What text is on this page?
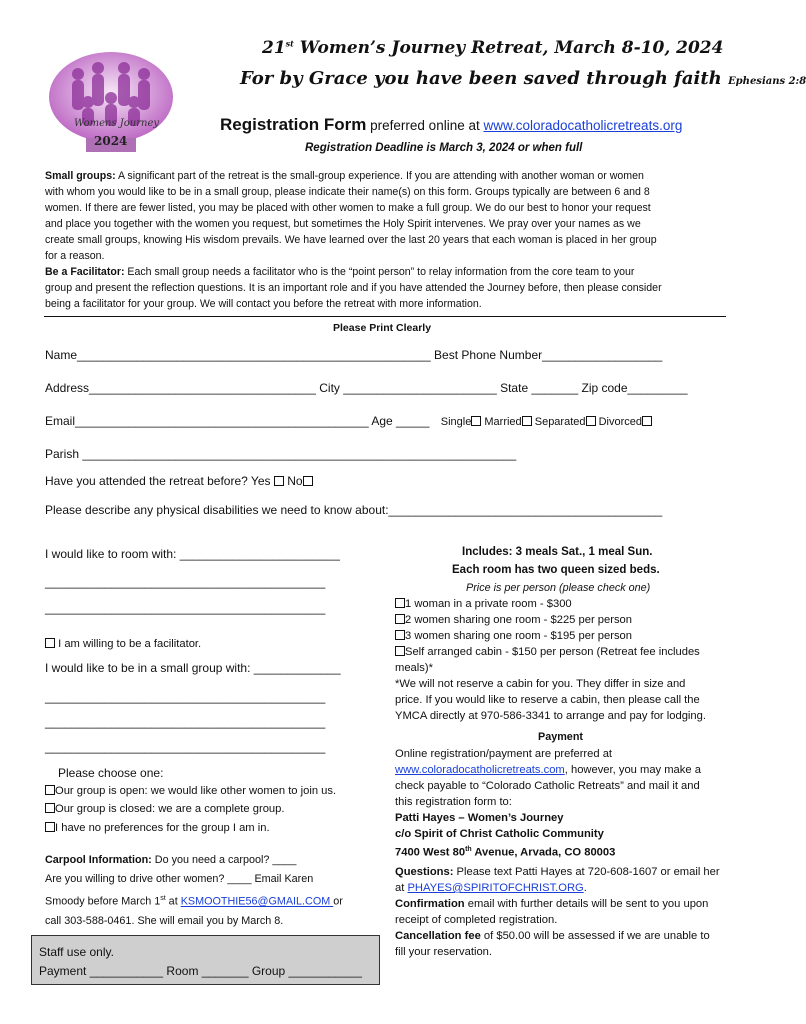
Womens Journey
2024
21st Women’s Journey Retreat, March 8-10, 2024
For by Grace you have been saved through faith Ephesians 2:8
Registration Form preferred online at www.coloradocatholicretreats.org
Registration Deadline is March 3, 2024 or when full
Small groups: A significant part of the retreat is the small-group experience. If you are attending with another woman or women
with whom you would like to be in a small group, please indicate their name(s) on this form. Groups typically are between 6 and 8
women. If there are fewer listed, you may be placed with other women to make a full group. We do our best to honor your request
and place you together with the women you request, but sometimes the Holy Spirit intervenes. We pray over your names as we
create small groups, knowing His wisdom prevails. We have learned over the last 20 years that each woman is placed in her group
for a reason.
Be a Facilitator: Each small group needs a facilitator who is the “point person” to relay information from the core team to your
group and present the reflection questions. It is an important role and if you have attended the Journey before, then please consider
being a facilitator for your group. We will contact you before the retreat with more information.
Please Print Clearly
Name_____________________________________________________ Best Phone Number__________________
Address__________________________________ City _______________________ State _______ Zip code_________
Email____________________________________________ Age _____ Single Married Separated Divorced
Parish _________________________________________________________________
Have you attended the retreat before? Yes No
Please describe any physical disabilities we need to know about:_________________________________________
I would like to room with: ________________________
__________________________________________
__________________________________________
I am willing to be a facilitator.
I would like to be in a small group with: _____________
__________________________________________
__________________________________________
__________________________________________
Please choose one:
Our group is open: we would like other women to join us.
Our group is closed: we are a complete group.
I have no preferences for the group I am in.
Carpool Information: Do you need a carpool? ____
Are you willing to drive other women? ____ Email Karen
Smoody before March 1st at KSMOOTHIE56@GMAIL.COM or
call 303-588-0461. She will email you by March 8.
Staff use only.
Payment ___________ Room _______ Group ___________
Includes: 3 meals Sat., 1 meal Sun.
Each room has two queen sized beds.
Price is per person (please check one)
1 woman in a private room - $300
2 women sharing one room - $225 per person
3 women sharing one room - $195 per person
Self arranged cabin - $150 per person (Retreat fee includes
meals)*
*We will not reserve a cabin for you. They differ in size and
price. If you would like to reserve a cabin, then please call the
YMCA directly at 970-586-3341 to arrange and pay for lodging.
Payment
Online registration/payment are preferred at
www.coloradocatholicretreats.com, however, you may make a
check payable to “Colorado Catholic Retreats” and mail it and
this registration form to:
Patti Hayes – Women’s Journey
c/o Spirit of Christ Catholic Community
7400 West 80th Avenue, Arvada, CO 80003
Questions: Please text Patti Hayes at 720-608-1607 or email her
at PHAYES@SPIRITOFCHRIST.ORG.
Confirmation email with further details will be sent to you upon
receipt of completed registration.
Cancellation fee of $50.00 will be assessed if we are unable to
fill your reservation.
